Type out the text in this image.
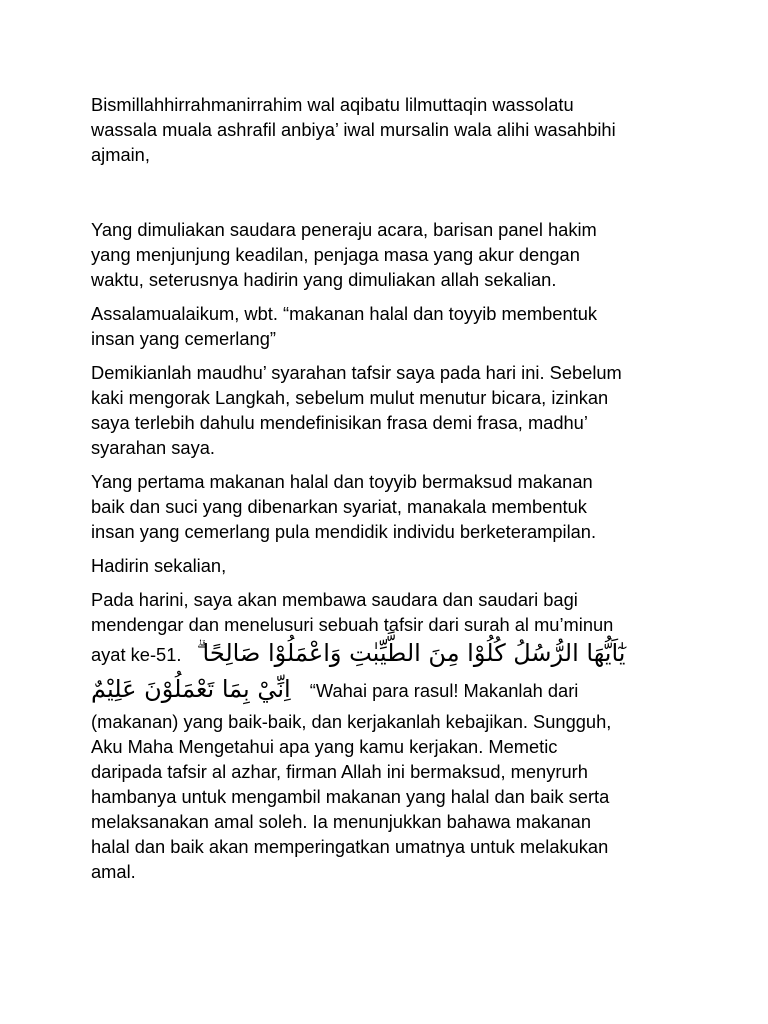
Bismillahhirrahmanirrahim wal aqibatu lilmuttaqin wassolatu
wassala muala ashrafil anbiya’ iwal mursalin wala alihi wasahbihi
ajmain,

Yang dimuliakan saudara peneraju acara, barisan panel hakim
yang menjunjung keadilan, penjaga masa yang akur dengan
waktu, seterusnya hadirin yang dimuliakan allah sekalian.

Assalamualaikum, wbt. “makanan halal dan toyyib membentuk
insan yang cemerlang”

Demikianlah maudhu’ syarahan tafsir saya pada hari ini. Sebelum
kaki mengorak Langkah, sebelum mulut menutur bicara, izinkan
saya terlebih dahulu mendefinisikan frasa demi frasa, madhu’
syarahan saya.

Yang pertama makanan halal dan toyyib bermaksud makanan
baik dan suci yang dibenarkan syariat, manakala membentuk
insan yang cemerlang pula mendidik individu berketerampilan.

Hadirin sekalian,

Pada harini, saya akan membawa saudara dan saudari bagi
mendengar dan menelusuri sebuah tafsir dari surah al mu’minun
ayat ke-51. يٰٓاَيُّهَا الرُّسُلُ كُلُوْا مِنَ الطَّيِّبٰتِ وَاعْمَلُوْا صَالِحًا ۗ
اِنِّيْ بِمَا تَعْمَلُوْنَ عَلِيْمٌ “Wahai para rasul! Makanlah dari
(makanan) yang baik-baik, dan kerjakanlah kebajikan. Sungguh,
Aku Maha Mengetahui apa yang kamu kerjakan. Memetic
daripada tafsir al azhar, firman Allah ini bermaksud, menyrurh
hambanya untuk mengambil makanan yang halal dan baik serta
melaksanakan amal soleh. Ia menunjukkan bahawa makanan
halal dan baik akan memperingatkan umatnya untuk melakukan
amal.
